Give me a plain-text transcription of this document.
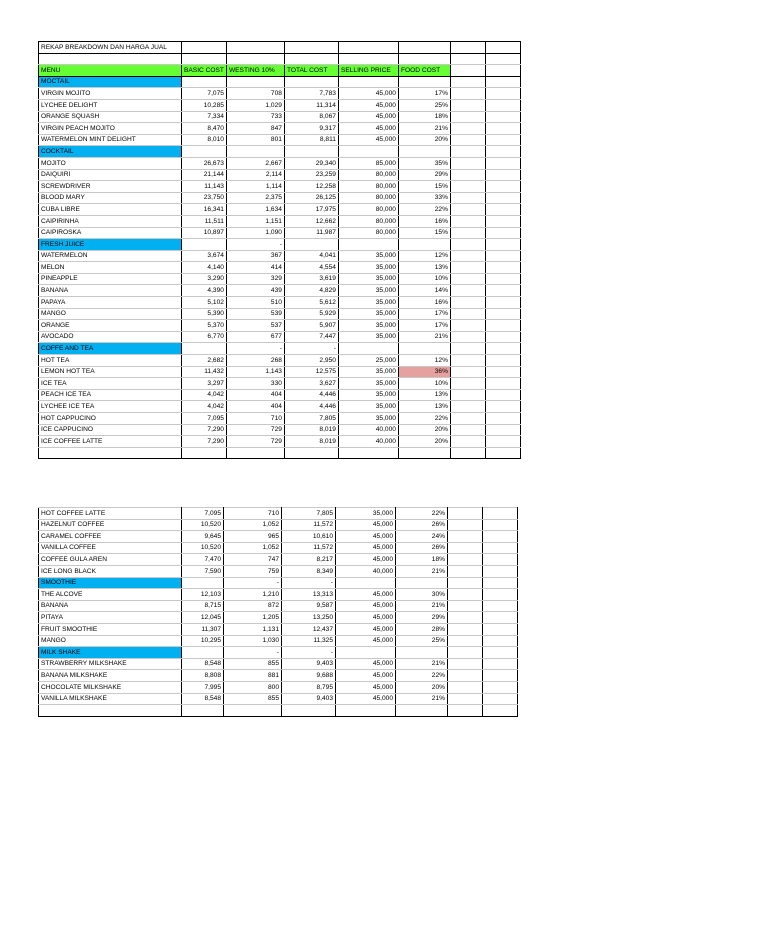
REKAP BREAKDOWN DAN HARGA JUAL							

MENU	BASIC COST	WESTING 10%	TOTAL COST	SELLING PRICE	FOOD COST		
MOCTAIL							
VIRGIN MOJITO	7,075	708	7,783	45,000	17%		
LYCHEE DELIGHT	10,285	1,029	11,314	45,000	25%		
ORANGE SQUASH	7,334	733	8,067	45,000	18%		
VIRGIN PEACH MOJITO	8,470	847	9,317	45,000	21%		
WATERMELON MINT DELIGHT	8,010	801	8,811	45,000	20%		
COCKTAIL							
MOJITO	26,673	2,667	29,340	85,000	35%		
DAIQUIRI	21,144	2,114	23,259	80,000	29%		
SCREWDRIVER	11,143	1,114	12,258	80,000	15%		
BLOOD MARY	23,750	2,375	26,125	80,000	33%		
CUBA LIBRE	16,341	1,634	17,975	80,000	22%		
CAIPIRINHA	11,511	1,151	12,662	80,000	16%		
CAIPIROSKA	10,897	1,090	11,987	80,000	15%		
FRESH JUICE		-					
WATERMELON	3,674	367	4,041	35,000	12%		
MELON	4,140	414	4,554	35,000	13%		
PINEAPPLE	3,290	329	3,619	35,000	10%		
BANANA	4,390	439	4,829	35,000	14%		
PAPAYA	5,102	510	5,612	35,000	16%		
MANGO	5,390	539	5,929	35,000	17%		
ORANGE	5,370	537	5,907	35,000	17%		
AVOCADO	6,770	677	7,447	35,000	21%		
COFFE AND TEA		-	-				
HOT TEA	2,682	268	2,950	25,000	12%		
LEMON HOT TEA	11,432	1,143	12,575	35,000	36%		
ICE TEA	3,297	330	3,627	35,000	10%		
PEACH ICE TEA	4,042	404	4,446	35,000	13%		
LYCHEE ICE TEA	4,042	404	4,446	35,000	13%		
HOT CAPPUCINO	7,095	710	7,805	35,000	22%		
ICE CAPPUCINO	7,290	729	8,019	40,000	20%		
ICE COFFEE LATTE	7,290	729	8,019	40,000	20%		

HOT COFFEE LATTE	7,095	710	7,805	35,000	22%		
HAZELNUT COFFEE	10,520	1,052	11,572	45,000	26%		
CARAMEL COFFEE	9,645	965	10,610	45,000	24%		
VANILLA COFFEE	10,520	1,052	11,572	45,000	26%		
COFFEE GULA AREN	7,470	747	8,217	45,000	18%		
ICE LONG BLACK	7,590	759	8,349	40,000	21%		
SMOOTHIE		-	-				
THE ALCOVE	12,103	1,210	13,313	45,000	30%		
BANANA	8,715	872	9,587	45,000	21%		
PITAYA	12,045	1,205	13,250	45,000	29%		
FRUIT SMOOTHIE	11,307	1,131	12,437	45,000	28%		
MANGO	10,295	1,030	11,325	45,000	25%		
MILK SHAKE		-	-				
STRAWBERRY MILKSHAKE	8,548	855	9,403	45,000	21%		
BANANA MILKSHAKE	8,808	881	9,688	45,000	22%		
CHOCOLATE MILKSHAKE	7,995	800	8,795	45,000	20%		
VANILLA MILKSHAKE	8,548	855	9,403	45,000	21%		
